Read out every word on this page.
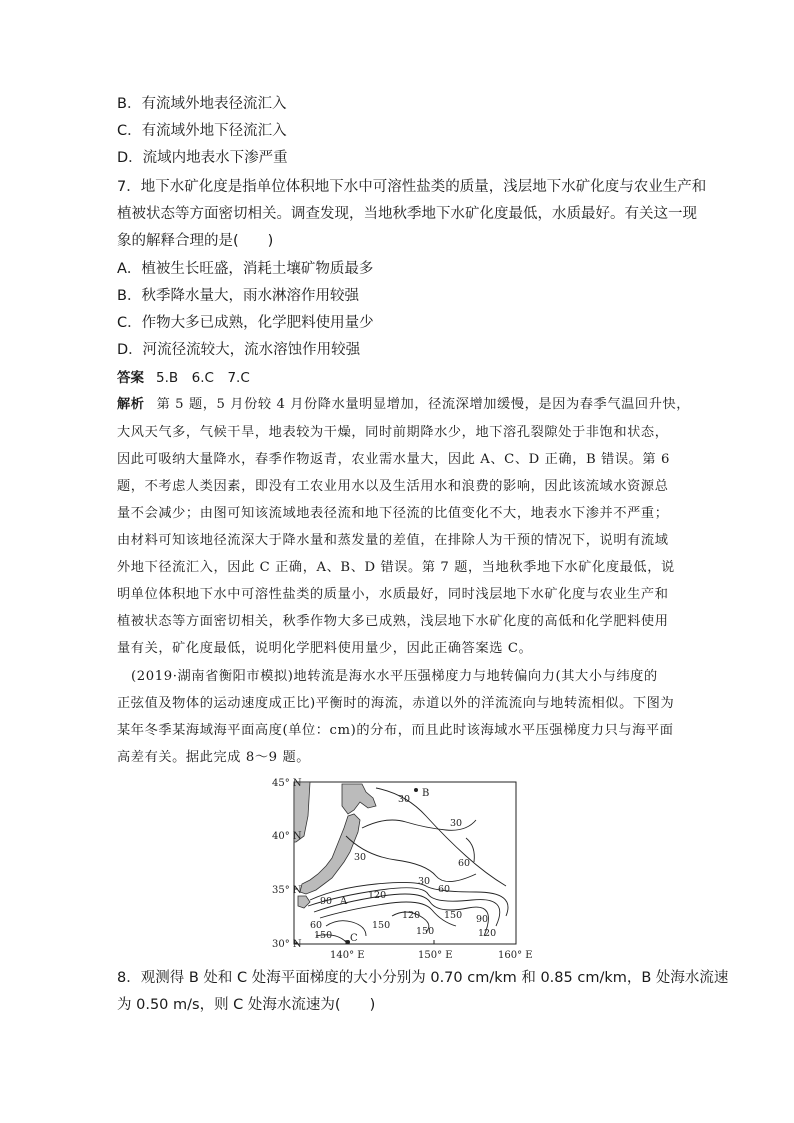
B．有流域外地表径流汇入
C．有流域外地下径流汇入
D．流域内地表水下渗严重
7．地下水矿化度是指单位体积地下水中可溶性盐类的质量，浅层地下水矿化度与农业生产和
植被状态等方面密切相关。调查发现，当地秋季地下水矿化度最低，水质最好。有关这一现
象的解释合理的是(　　)
A．植被生长旺盛，消耗土壤矿物质最多
B．秋季降水量大，雨水淋溶作用较强
C．作物大多已成熟，化学肥料使用量少
D．河流径流较大，流水溶蚀作用较强
答案 5.B　6.C　7.C
解析 第 5 题，5 月份较 4 月份降水量明显增加，径流深增加缓慢，是因为春季气温回升快，
大风天气多，气候干旱，地表较为干燥，同时前期降水少，地下溶孔裂隙处于非饱和状态，
因此可吸纳大量降水，春季作物返青，农业需水量大，因此 A、C、D 正确，B 错误。第 6
题，不考虑人类因素，即没有工农业用水以及生活用水和浪费的影响，因此该流域水资源总
量不会减少；由图可知该流域地表径流和地下径流的比值变化不大，地表水下渗并不严重；
由材料可知该地径流深大于降水量和蒸发量的差值，在排除人为干预的情况下，说明有流域
外地下径流汇入，因此 C 正确，A、B、D 错误。第 7 题，当地秋季地下水矿化度最低，说
明单位体积地下水中可溶性盐类的质量小，水质最好，同时浅层地下水矿化度与农业生产和
植被状态等方面密切相关，秋季作物大多已成熟，浅层地下水矿化度的高低和化学肥料使用
量有关，矿化度最低，说明化学肥料使用量少，因此正确答案选 C。
(2019·湖南省衡阳市模拟)地转流是海水水平压强梯度力与地转偏向力(其大小与纬度的
正弦值及物体的运动速度成正比)平衡时的海流，赤道以外的洋流流向与地转流相似。下图为
某年冬季某海域海平面高度(单位：cm)的分布，而且此时该海域水平压强梯度力只与海平面
高差有关。据此完成 8～9 题。
B
C
A
30
30
30
30
60
60
60
90
90
120
120
120
150
150
150
150
45° N
40° N
35° N
30° N
140° E	150° E	160° E
8．观测得 B 处和 C 处海平面梯度的大小分别为 0.70 cm/km 和 0.85 cm/km，B 处海水流速
为 0.50 m/s，则 C 处海水流速为(　　)
